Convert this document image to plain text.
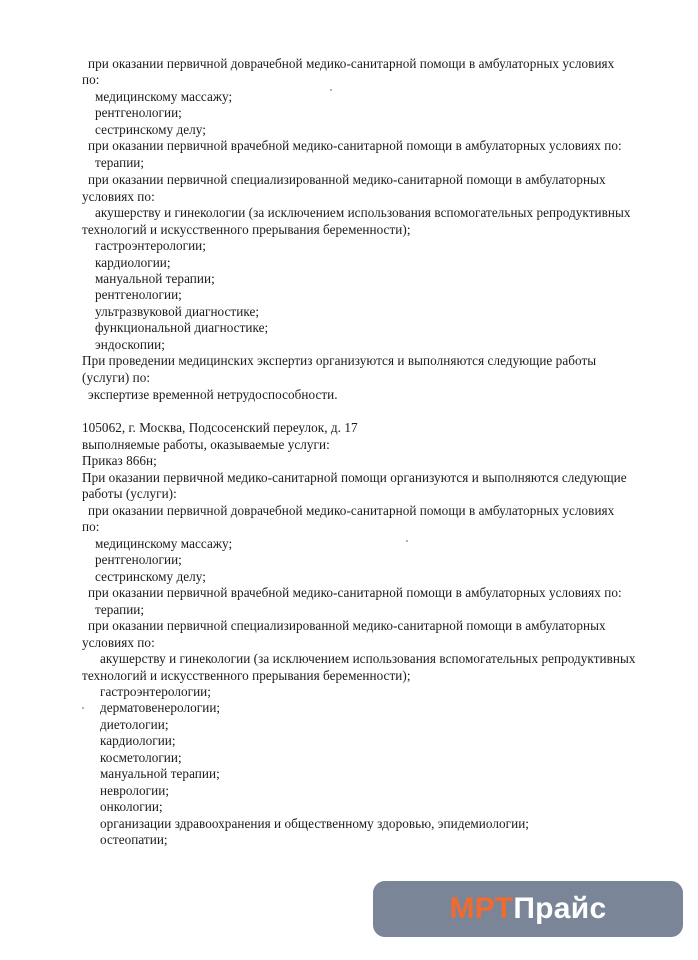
при оказании первичной доврачебной медико-санитарной помощи в амбулаторных условиях
по:
медицинскому массажу;
рентгенологии;
сестринскому делу;
при оказании первичной врачебной медико-санитарной помощи в амбулаторных условиях по:
терапии;
при оказании первичной специализированной медико-санитарной помощи в амбулаторных
условиях по:
акушерству и гинекологии (за исключением использования вспомогательных репродуктивных
технологий и искусственного прерывания беременности);
гастроэнтерологии;
кардиологии;
мануальной терапии;
рентгенологии;
ультразвуковой диагностике;
функциональной диагностике;
эндоскопии;
При проведении медицинских экспертиз организуются и выполняются следующие работы
(услуги) по:
экспертизе временной нетрудоспособности.
105062, г. Москва, Подсосенский переулок, д. 17
выполняемые работы, оказываемые услуги:
Приказ 866н;
При оказании первичной медико-санитарной помощи организуются и выполняются следующие
работы (услуги):
при оказании первичной доврачебной медико-санитарной помощи в амбулаторных условиях
по:
медицинскому массажу;
рентгенологии;
сестринскому делу;
при оказании первичной врачебной медико-санитарной помощи в амбулаторных условиях по:
терапии;
при оказании первичной специализированной медико-санитарной помощи в амбулаторных
условиях по:
акушерству и гинекологии (за исключением использования вспомогательных репродуктивных
технологий и искусственного прерывания беременности);
гастроэнтерологии;
дерматовенерологии;
диетологии;
кардиологии;
косметологии;
мануальной терапии;
неврологии;
онкологии;
организации здравоохранения и общественному здоровью, эпидемиологии;
остеопатии;
МРТ Прайс
